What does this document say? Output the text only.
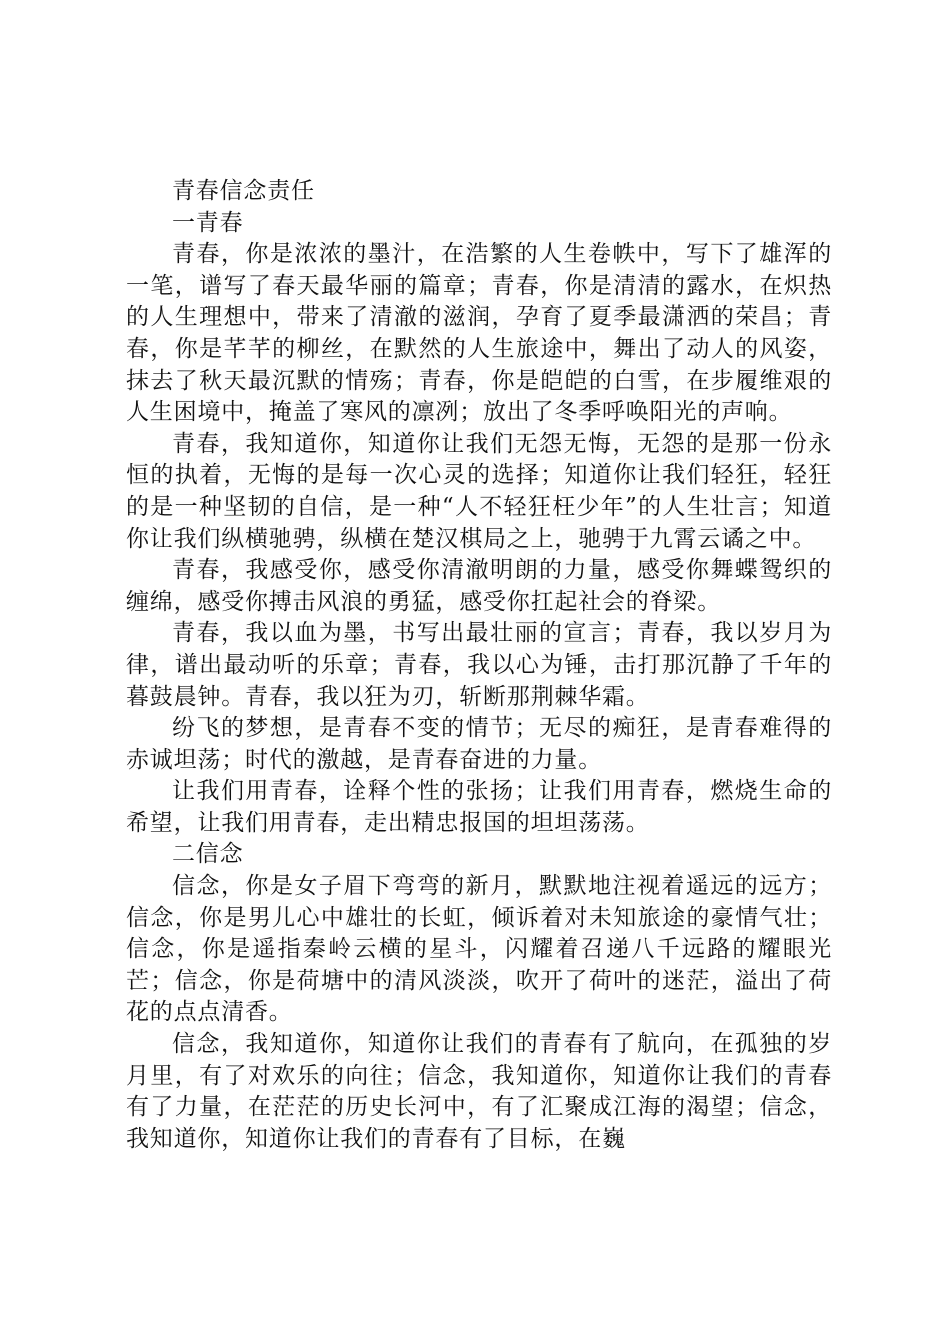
青春信念责任

一青春

青春，你是浓浓的墨汁，在浩繁的人生卷帙中，写下了雄浑的一笔，谱写了春天最华丽的篇章；青春，你是清清的露水，在炽热的人生理想中，带来了清澈的滋润，孕育了夏季最潇洒的荣昌；青春，你是芊芊的柳丝，在默然的人生旅途中，舞出了动人的风姿，抹去了秋天最沉默的情殇；青春，你是皑皑的白雪，在步履维艰的人生困境中，掩盖了寒风的凛冽；放出了冬季呼唤阳光的声响。

青春，我知道你，知道你让我们无怨无悔，无怨的是那一份永恒的执着，无悔的是每一次心灵的选择；知道你让我们轻狂，轻狂的是一种坚韧的自信，是一种“人不轻狂枉少年”的人生壮言；知道你让我们纵横驰骋，纵横在楚汉棋局之上，驰骋于九霄云谲之中。

青春，我感受你，感受你清澈明朗的力量，感受你舞蝶鸳织的缠绵，感受你搏击风浪的勇猛，感受你扛起社会的脊梁。

青春，我以血为墨，书写出最壮丽的宣言；青春，我以岁月为律，谱出最动听的乐章；青春，我以心为锤，击打那沉静了千年的暮鼓晨钟。青春，我以狂为刃，斩断那荆棘华霜。

纷飞的梦想，是青春不变的情节；无尽的痴狂，是青春难得的赤诚坦荡；时代的激越，是青春奋进的力量。

让我们用青春，诠释个性的张扬；让我们用青春，燃烧生命的希望，让我们用青春，走出精忠报国的坦坦荡荡。

二信念

信念，你是女子眉下弯弯的新月，默默地注视着遥远的远方；信念，你是男儿心中雄壮的长虹，倾诉着对未知旅途的豪情气壮；信念，你是遥指秦岭云横的星斗，闪耀着召递八千远路的耀眼光芒；信念，你是荷塘中的清风淡淡，吹开了荷叶的迷茫，溢出了荷花的点点清香。

信念，我知道你，知道你让我们的青春有了航向，在孤独的岁月里，有了对欢乐的向往；信念，我知道你，知道你让我们的青春有了力量，在茫茫的历史长河中，有了汇聚成江海的渴望；信念，我知道你，知道你让我们的青春有了目标，在巍
